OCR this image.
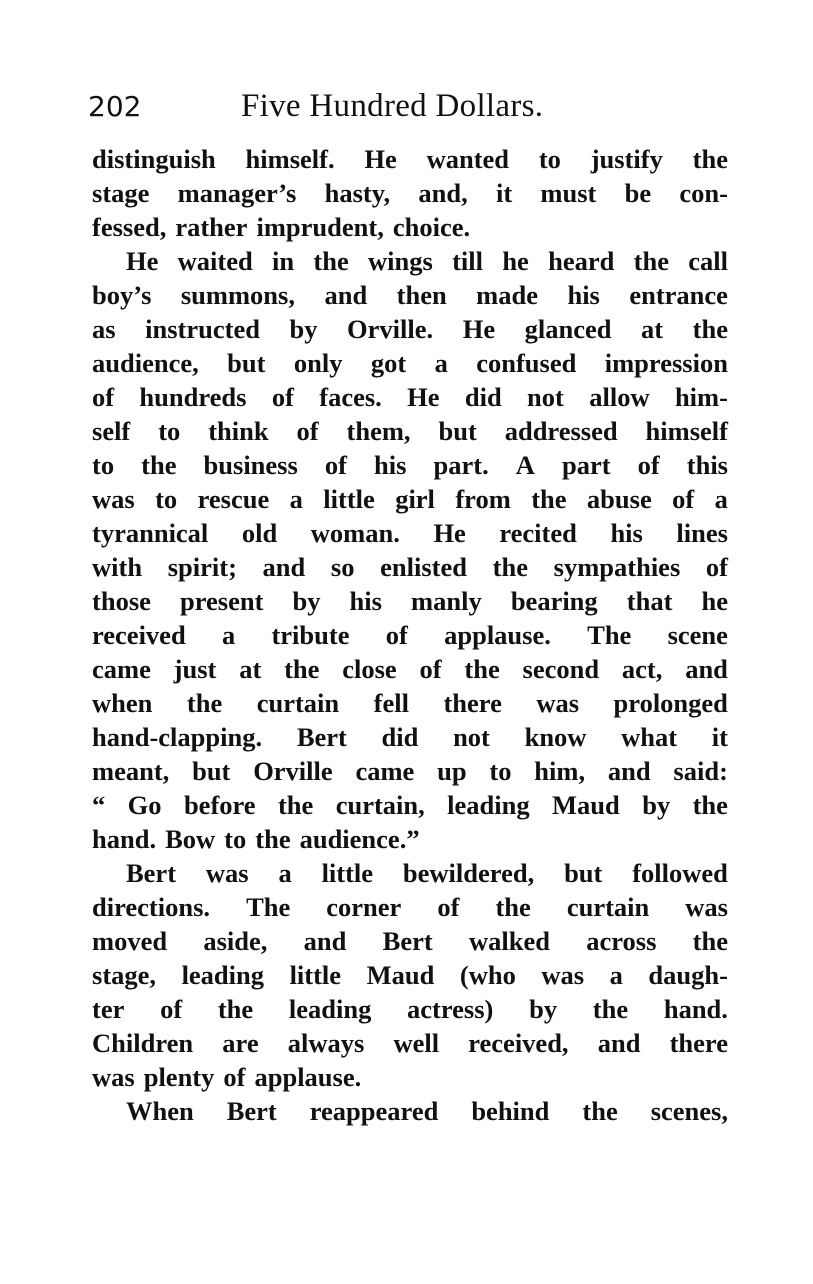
202	Five Hundred Dollars.
distinguish himself. He wanted to justify the
stage manager’s hasty, and, it must be con-
fessed, rather imprudent, choice.
He waited in the wings till he heard the call
boy’s summons, and then made his entrance
as instructed by Orville. He glanced at the
audience, but only got a confused impression
of hundreds of faces. He did not allow him-
self to think of them, but addressed himself
to the business of his part. A part of this
was to rescue a little girl from the abuse of a
tyrannical old woman. He recited his lines
with spirit; and so enlisted the sympathies of
those present by his manly bearing that he
received a tribute of applause. The scene
came just at the close of the second act, and
when the curtain fell there was prolonged
hand-clapping. Bert did not know what it
meant, but Orville came up to him, and said:
“ Go before the curtain, leading Maud by the
hand. Bow to the audience.”
Bert was a little bewildered, but followed
directions. The corner of the curtain was
moved aside, and Bert walked across the
stage, leading little Maud (who was a daugh-
ter of the leading actress) by the hand.
Children are always well received, and there
was plenty of applause.
When Bert reappeared behind the scenes,
